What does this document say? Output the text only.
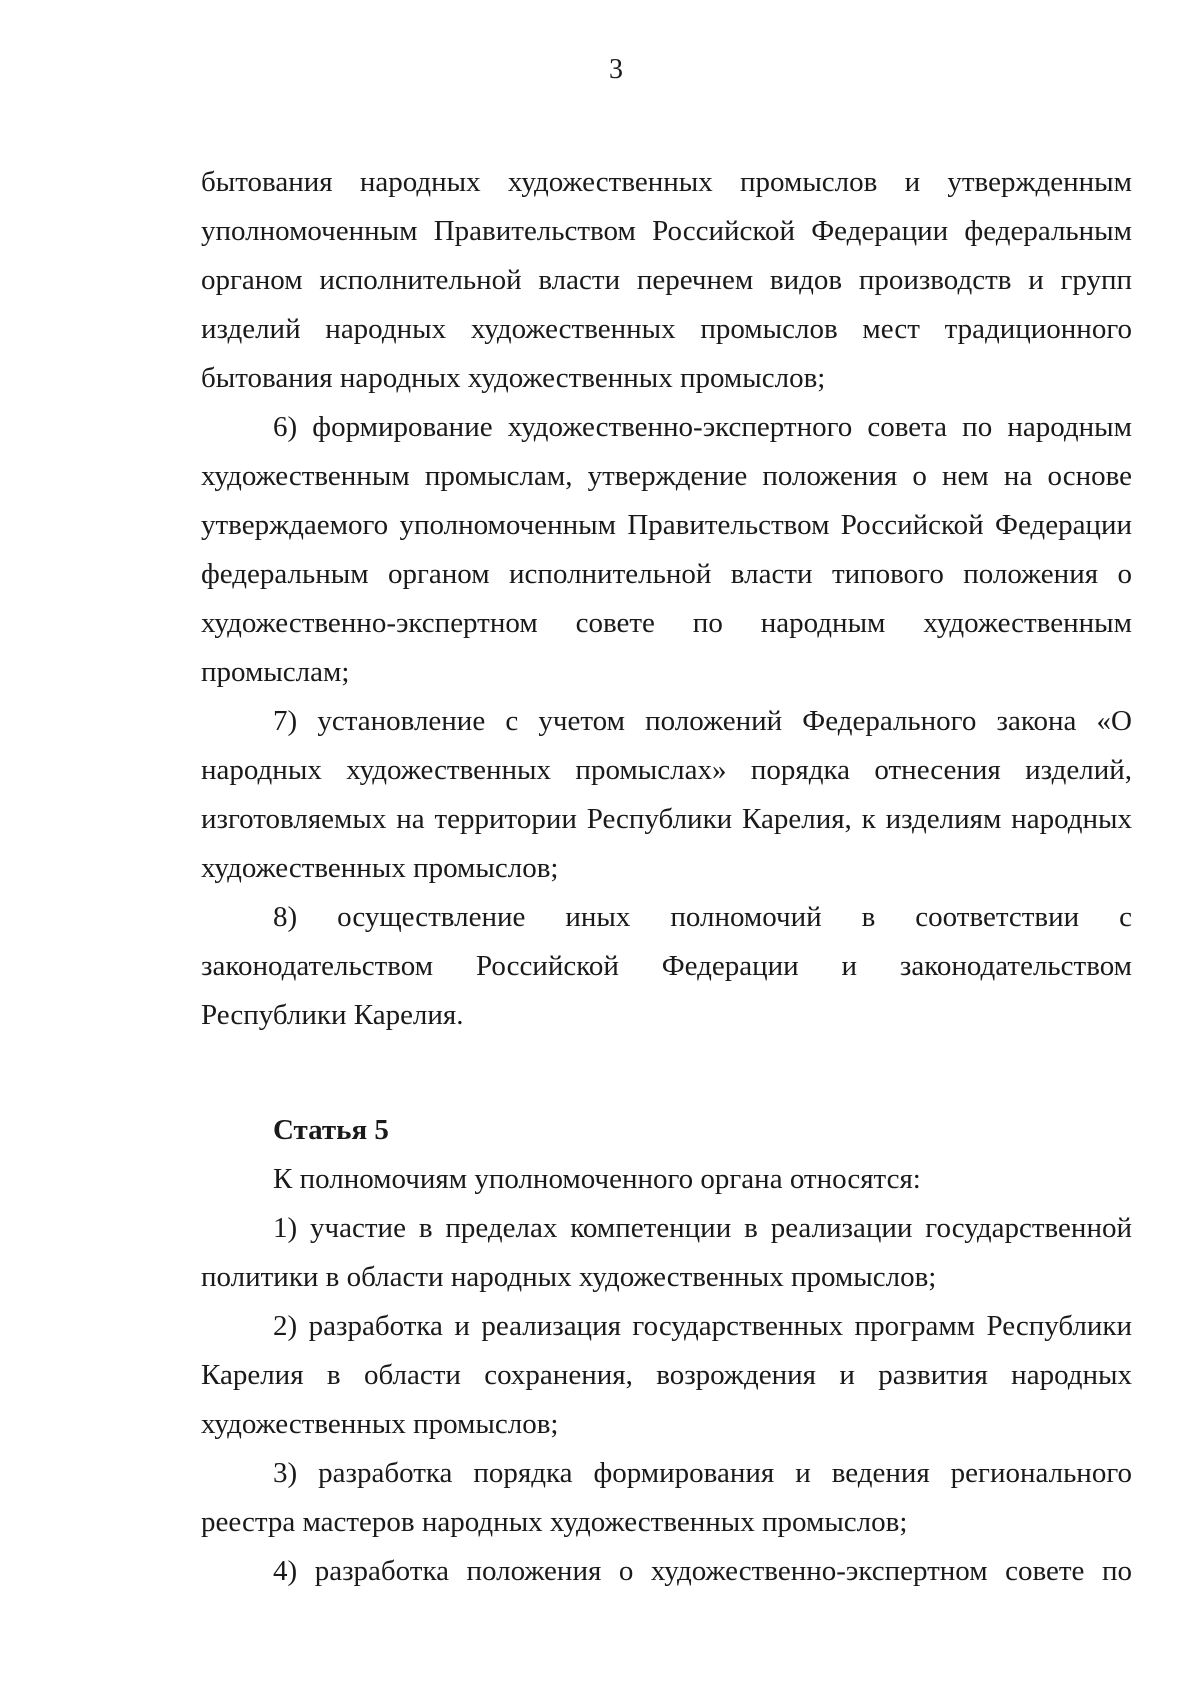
3

бытования народных художественных промыслов и утвержденным уполномоченным Правительством Российской Федерации федеральным органом исполнительной власти перечнем видов производств и групп изделий народных художественных промыслов мест традиционного бытования народных художественных промыслов;

6) формирование художественно-экспертного совета по народным художественным промыслам, утверждение положения о нем на основе утверждаемого уполномоченным Правительством Российской Федерации федеральным органом исполнительной власти типового положения о художественно-экспертном совете по народным художественным промыслам;

7) установление с учетом положений Федерального закона «О народных художественных промыслах» порядка отнесения изделий, изготовляемых на территории Республики Карелия, к изделиям народных художественных промыслов;

8) осуществление иных полномочий в соответствии с законодательством Российской Федерации и законодательством Республики Карелия.

Статья 5

К полномочиям уполномоченного органа относятся:

1) участие в пределах компетенции в реализации государственной политики в области народных художественных промыслов;

2) разработка и реализация государственных программ Республики Карелия в области сохранения, возрождения и развития народных художественных промыслов;

3) разработка порядка формирования и ведения регионального реестра мастеров народных художественных промыслов;

4) разработка положения о художественно-экспертном совете по
